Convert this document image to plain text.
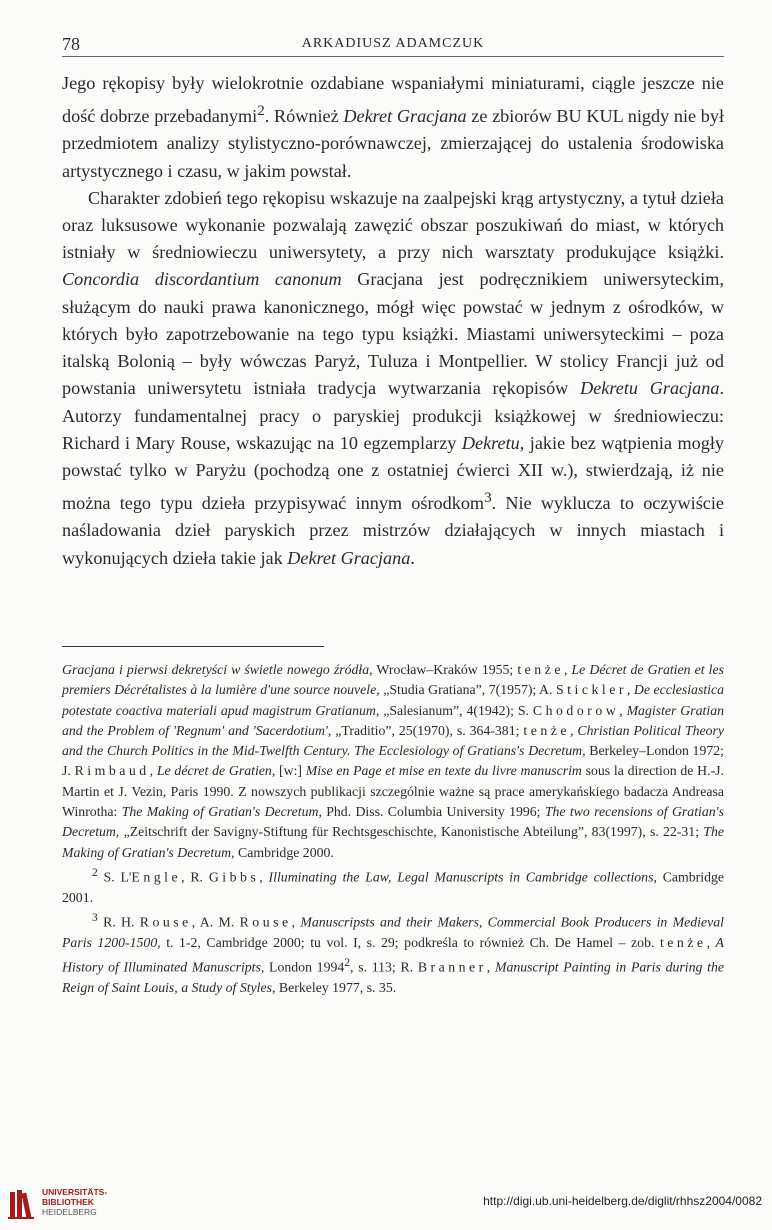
78	ARKADIUSZ ADAMCZUK

Jego rękopisy były wielokrotnie ozdabiane wspaniałymi miniaturami, ciągle jeszcze nie dość dobrze przebadanymi$^2$. Również Dekret Gracjana ze zbiorów BU KUL nigdy nie był przedmiotem analizy stylistyczno-porównawczej, zmierzającej do ustalenia środowiska artystycznego i czasu, w jakim powstał.

Charakter zdobień tego rękopisu wskazuje na zaalpejski krąg artystyczny, a tytuł dzieła oraz luksusowe wykonanie pozwalają zawęzić obszar poszukiwań do miast, w których istniały w średniowieczu uniwersytety, a przy nich warsztaty produkujące książki. Concordia discordantium canonum Gracjana jest podręcznikiem uniwersyteckim, służącym do nauki prawa kanonicznego, mógł więc powstać w jednym z ośrodków, w których było zapotrzebowanie na tego typu książki. Miastami uniwersyteckimi – poza italską Bolonią – były wówczas Paryż, Tuluza i Montpellier. W stolicy Francji już od powstania uniwersytetu istniała tradycja wytwarzania rękopisów Dekretu Gracjana. Autorzy fundamentalnej pracy o paryskiej produkcji książkowej w średniowieczu: Richard i Mary Rouse, wskazując na 10 egzemplarzy Dekretu, jakie bez wątpienia mogły powstać tylko w Paryżu (pochodzą one z ostatniej ćwierci XII w.), stwierdzają, iż nie można tego typu dzieła przypisywać innym ośrodkom$^3$. Nie wyklucza to oczywiście naśladowania dzieł paryskich przez mistrzów działających w innych miastach i wykonujących dzieła takie jak Dekret Gracjana.

Gracjana i pierwsi dekretyści w świetle nowego źródła, Wrocław–Kraków 1955; tenże, Le Décret de Gratien et les premiers Décrétalistes à la lumière d'une source nouvele, „Studia Gratiana”, 7(1957); A. Stickler, De ecclesiastica potestate coactiva materiali apud magistrum Gratianum, „Salesianum”, 4(1942); S. Chodorow, Magister Gratian and the Problem of 'Regnum' and 'Sacerdotium', „Traditio”, 25(1970), s. 364-381; tenże, Christian Political Theory and the Church Politics in the Mid-Twelfth Century. The Ecclesiology of Gratians's Decretum, Berkeley–London 1972; J. Rimbaud, Le décret de Gratien, [w:] Mise en Page et mise en texte du livre manuscrim sous la direction de H.-J. Martin et J. Vezin, Paris 1990. Z nowszych publikacji szczególnie ważne są prace amerykańskiego badacza Andreasa Winrotha: The Making of Gratian's Decretum, Phd. Diss. Columbia University 1996; The two recensions of Gratian's Decretum, „Zeitschrift der Savigny-Stiftung für Rechtsgeschischte, Kanonistische Abteilung”, 83(1997), s. 22-31; The Making of Gratian's Decretum, Cambridge 2000.

$^2$ S. L'Engle, R. Gibbs, Illuminating the Law, Legal Manuscripts in Cambridge collections, Cambridge 2001.

$^3$ R. H. Rouse, A. M. Rouse, Manuscripsts and their Makers, Commercial Book Producers in Medieval Paris 1200-1500, t. 1-2, Cambridge 2000; tu vol. I, s. 29; podkreśla to również Ch. De Hamel – zob. tenże, A History of Illuminated Manuscripts, London 1994$^2$, s. 113; R. Branner, Manuscript Painting in Paris during the Reign of Saint Louis, a Study of Styles, Berkeley 1977, s. 35.

UNIVERSITÄTS-
BIBLIOTHEK
HEIDELBERG
http://digi.ub.uni-heidelberg.de/diglit/rhhsz2004/0082
